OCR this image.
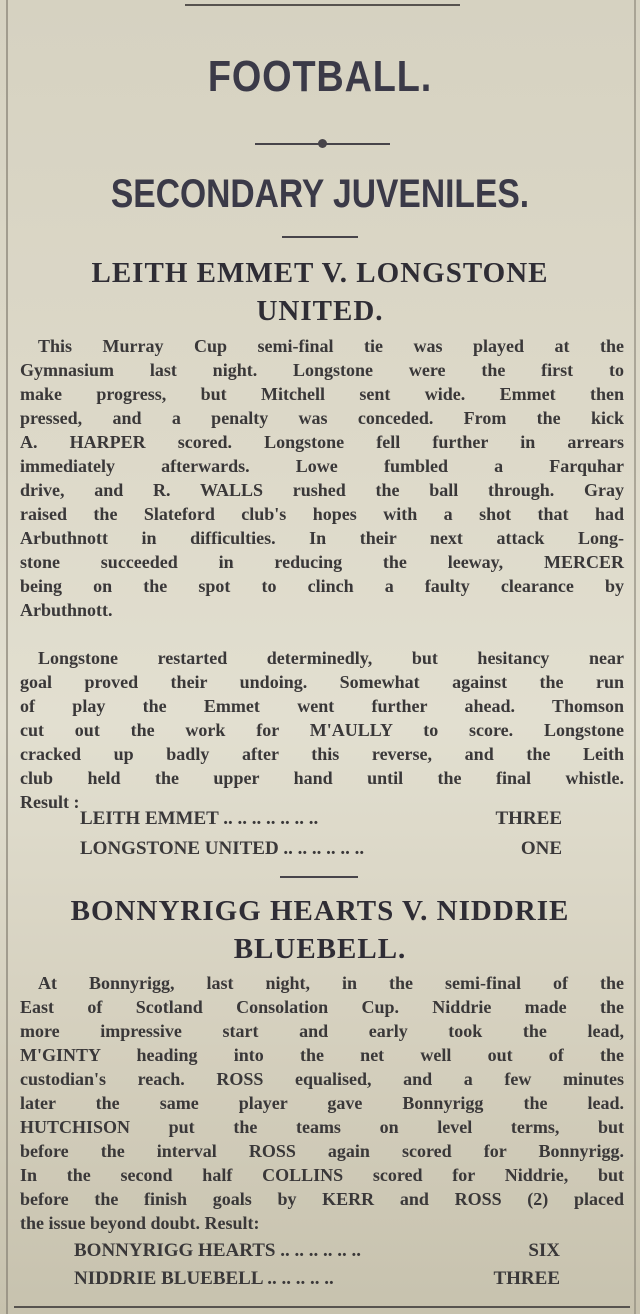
FOOTBALL.
SECONDARY JUVENILES.
LEITH EMMET V. LONGSTONE
UNITED.
This Murray Cup semi-final tie was played at the
Gymnasium last night. Longstone were the first to
make progress, but Mitchell sent wide. Emmet then
pressed, and a penalty was conceded. From the kick
A. HARPER scored. Longstone fell further in arrears
immediately afterwards. Lowe fumbled a Farquhar
drive, and R. WALLS rushed the ball through. Gray
raised the Slateford club's hopes with a shot that had
Arbuthnott in difficulties. In their next attack Long-
stone succeeded in reducing the leeway, MERCER
being on the spot to clinch a faulty clearance by
Arbuthnott.
Longstone restarted determinedly, but hesitancy near
goal proved their undoing. Somewhat against the run
of play the Emmet went further ahead. Thomson
cut out the work for M'AULLY to score. Longstone
cracked up badly after this reverse, and the Leith
club held the upper hand until the final whistle.
Result :
LEITH EMMET .. .. .. .. .. .. ..	THREE
LONGSTONE UNITED .. .. .. .. .. ..	ONE
BONNYRIGG HEARTS V. NIDDRIE
BLUEBELL.
At Bonnyrigg, last night, in the semi-final of the
East of Scotland Consolation Cup. Niddrie made the
more impressive start and early took the lead,
M'GINTY heading into the net well out of the
custodian's reach. ROSS equalised, and a few minutes
later the same player gave Bonnyrigg the lead.
HUTCHISON put the teams on level terms, but
before the interval ROSS again scored for Bonnyrigg.
In the second half COLLINS scored for Niddrie, but
before the finish goals by KERR and ROSS (2) placed
the issue beyond doubt. Result:
BONNYRIGG HEARTS .. .. .. .. .. ..	SIX
NIDDRIE BLUEBELL .. .. .. .. ..	THREE
